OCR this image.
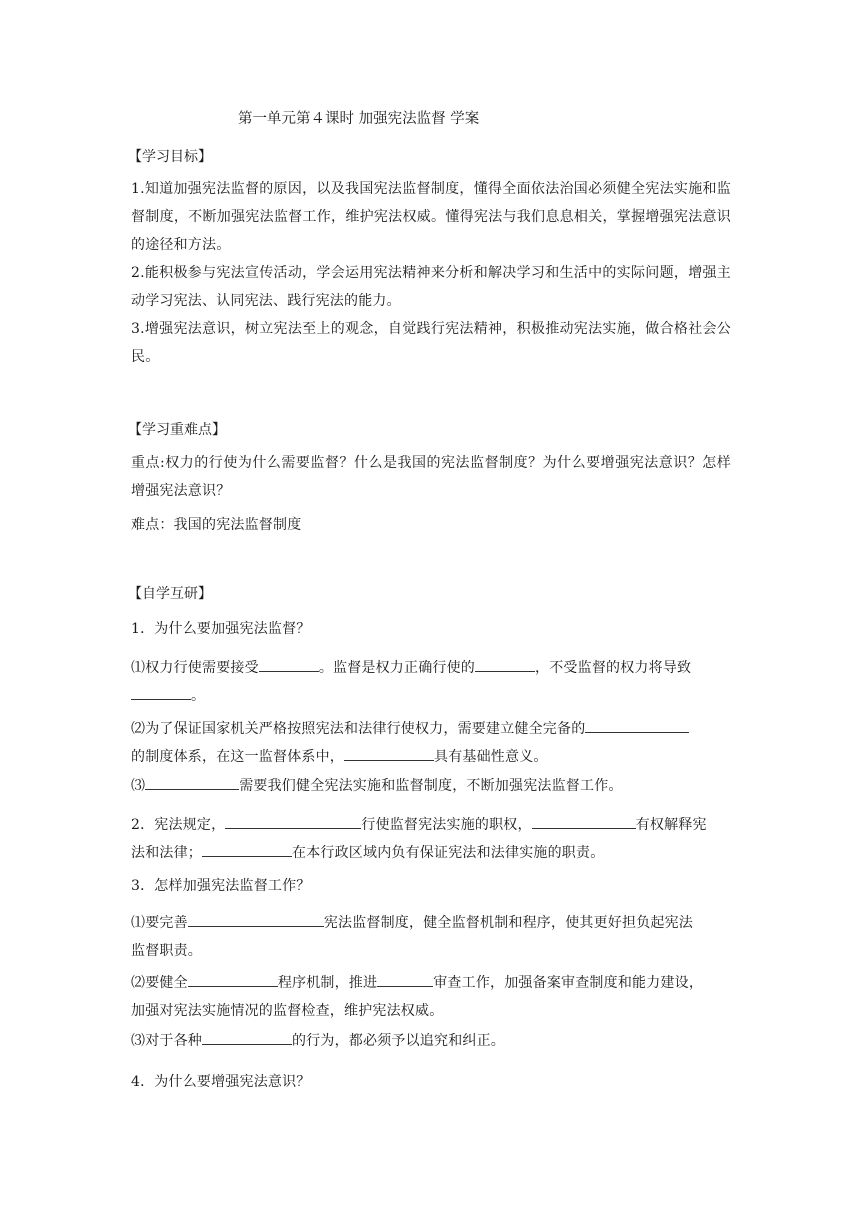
第一单元第４课时 加强宪法监督 学案
【学习目标】
1.知道加强宪法监督的原因，以及我国宪法监督制度，懂得全面依法治国必须健全宪法实施和监督制度，不断加强宪法监督工作，维护宪法权威。懂得宪法与我们息息相关，掌握增强宪法意识的途径和方法。
2.能积极参与宪法宣传活动，学会运用宪法精神来分析和解决学习和生活中的实际问题，增强主动学习宪法、认同宪法、践行宪法的能力。
3.增强宪法意识，树立宪法至上的观念，自觉践行宪法精神，积极推动宪法实施，做合格社会公民。
【学习重难点】
重点:权力的行使为什么需要监督？什么是我国的宪法监督制度？为什么要增强宪法意识？怎样增强宪法意识？
难点：我国的宪法监督制度
【自学互研】
1．为什么要加强宪法监督？
⑴权力行使需要接受	。监督是权力正确行使的	，不受监督的权力将导致
。
⑵为了保证国家机关严格按照宪法和法律行使权力，需要建立健全完备的
的制度体系，在这一监督体系中，	具有基础性意义。
⑶	需要我们健全宪法实施和监督制度，不断加强宪法监督工作。
2．宪法规定，	行使监督宪法实施的职权，	有权解释宪
法和法律；	在本行政区域内负有保证宪法和法律实施的职责。
3．怎样加强宪法监督工作？
⑴要完善	宪法监督制度，健全监督机制和程序，使其更好担负起宪法
监督职责。
⑵要健全	程序机制，推进	审查工作，加强备案审查制度和能力建设，
加强对宪法实施情况的监督检查，维护宪法权威。
⑶对于各种	的行为，都必须予以追究和纠正。
4．为什么要增强宪法意识？
